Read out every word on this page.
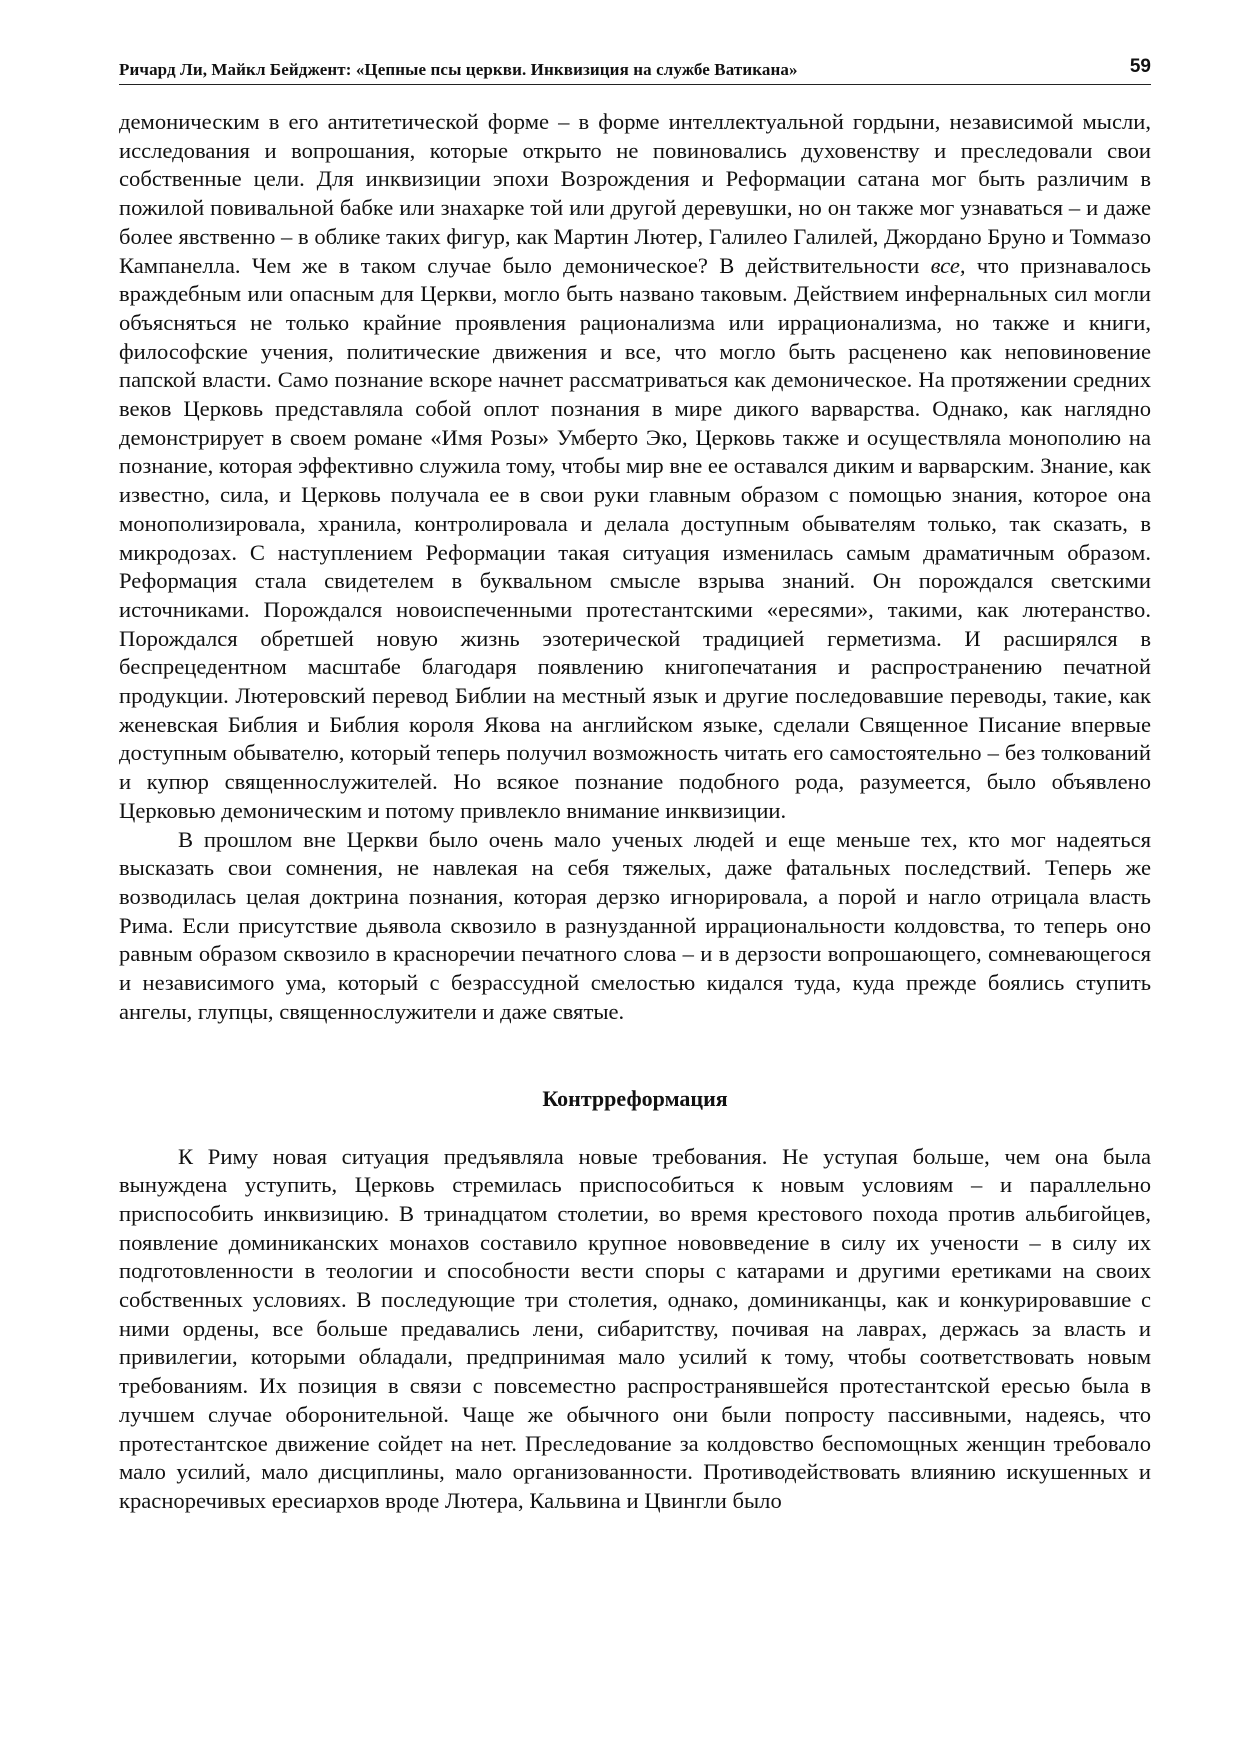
Ричард Ли, Майкл Бейджент: «Цепные псы церкви. Инквизиция на службе Ватикана»	59

демоническим в его антитетической форме – в форме интеллектуальной гордыни, независимой мысли, исследования и вопрошания, которые открыто не повиновались духовенству и преследовали свои собственные цели. Для инквизиции эпохи Возрождения и Реформации сатана мог быть различим в пожилой повивальной бабке или знахарке той или другой деревушки, но он также мог узнаваться – и даже более явственно – в облике таких фигур, как Мартин Лютер, Галилео Галилей, Джордано Бруно и Томмазо Кампанелла. Чем же в таком случае было демоническое? В действительности все, что признавалось враждебным или опасным для Церкви, могло быть названо таковым. Действием инфернальных сил могли объясняться не только крайние проявления рационализма или иррационализма, но также и книги, философские учения, политические движения и все, что могло быть расценено как неповиновение папской власти. Само познание вскоре начнет рассматриваться как демоническое. На протяжении средних веков Церковь представляла собой оплот познания в мире дикого варварства. Однако, как наглядно демонстрирует в своем романе «Имя Розы» Умберто Эко, Церковь также и осуществляла монополию на познание, которая эффективно служила тому, чтобы мир вне ее оставался диким и варварским. Знание, как известно, сила, и Церковь получала ее в свои руки главным образом с помощью знания, которое она монополизировала, хранила, контролировала и делала доступным обывателям только, так сказать, в микродозах. С наступлением Реформации такая ситуация изменилась самым драматичным образом. Реформация стала свидетелем в буквальном смысле взрыва знаний. Он порождался светскими источниками. Порождался новоиспеченными протестантскими «ересями», такими, как лютеранство. Порождался обретшей новую жизнь эзотерической традицией герметизма. И расширялся в беспрецедентном масштабе благодаря появлению книгопечатания и распространению печатной продукции. Лютеровский перевод Библии на местный язык и другие последовавшие переводы, такие, как женевская Библия и Библия короля Якова на английском языке, сделали Священное Писание впервые доступным обывателю, который теперь получил возможность читать его самостоятельно – без толкований и купюр священнослужителей. Но всякое познание подобного рода, разумеется, было объявлено Церковью демоническим и потому привлекло внимание инквизиции.

В прошлом вне Церкви было очень мало ученых людей и еще меньше тех, кто мог надеяться высказать свои сомнения, не навлекая на себя тяжелых, даже фатальных последствий. Теперь же возводилась целая доктрина познания, которая дерзко игнорировала, а порой и нагло отрицала власть Рима. Если присутствие дьявола сквозило в разнузданной иррациональности колдовства, то теперь оно равным образом сквозило в красноречии печатного слова – и в дерзости вопрошающего, сомневающегося и независимого ума, который с безрассудной смелостью кидался туда, куда прежде боялись ступить ангелы, глупцы, священнослужители и даже святые.

Контрреформация

К Риму новая ситуация предъявляла новые требования. Не уступая больше, чем она была вынуждена уступить, Церковь стремилась приспособиться к новым условиям – и параллельно приспособить инквизицию. В тринадцатом столетии, во время крестового похода против альбигойцев, появление доминиканских монахов составило крупное нововведение в силу их учености – в силу их подготовленности в теологии и способности вести споры с катарами и другими еретиками на своих собственных условиях. В последующие три столетия, однако, доминиканцы, как и конкурировавшие с ними ордены, все больше предавались лени, сибаритству, почивая на лаврах, держась за власть и привилегии, которыми обладали, предпринимая мало усилий к тому, чтобы соответствовать новым требованиям. Их позиция в связи с повсеместно распространявшейся протестантской ересью была в лучшем случае оборонительной. Чаще же обычного они были попросту пассивными, надеясь, что протестантское движение сойдет на нет. Преследование за колдовство беспомощных женщин требовало мало усилий, мало дисциплины, мало организованности. Противодействовать влиянию искушенных и красноречивых ересиархов вроде Лютера, Кальвина и Цвингли было
